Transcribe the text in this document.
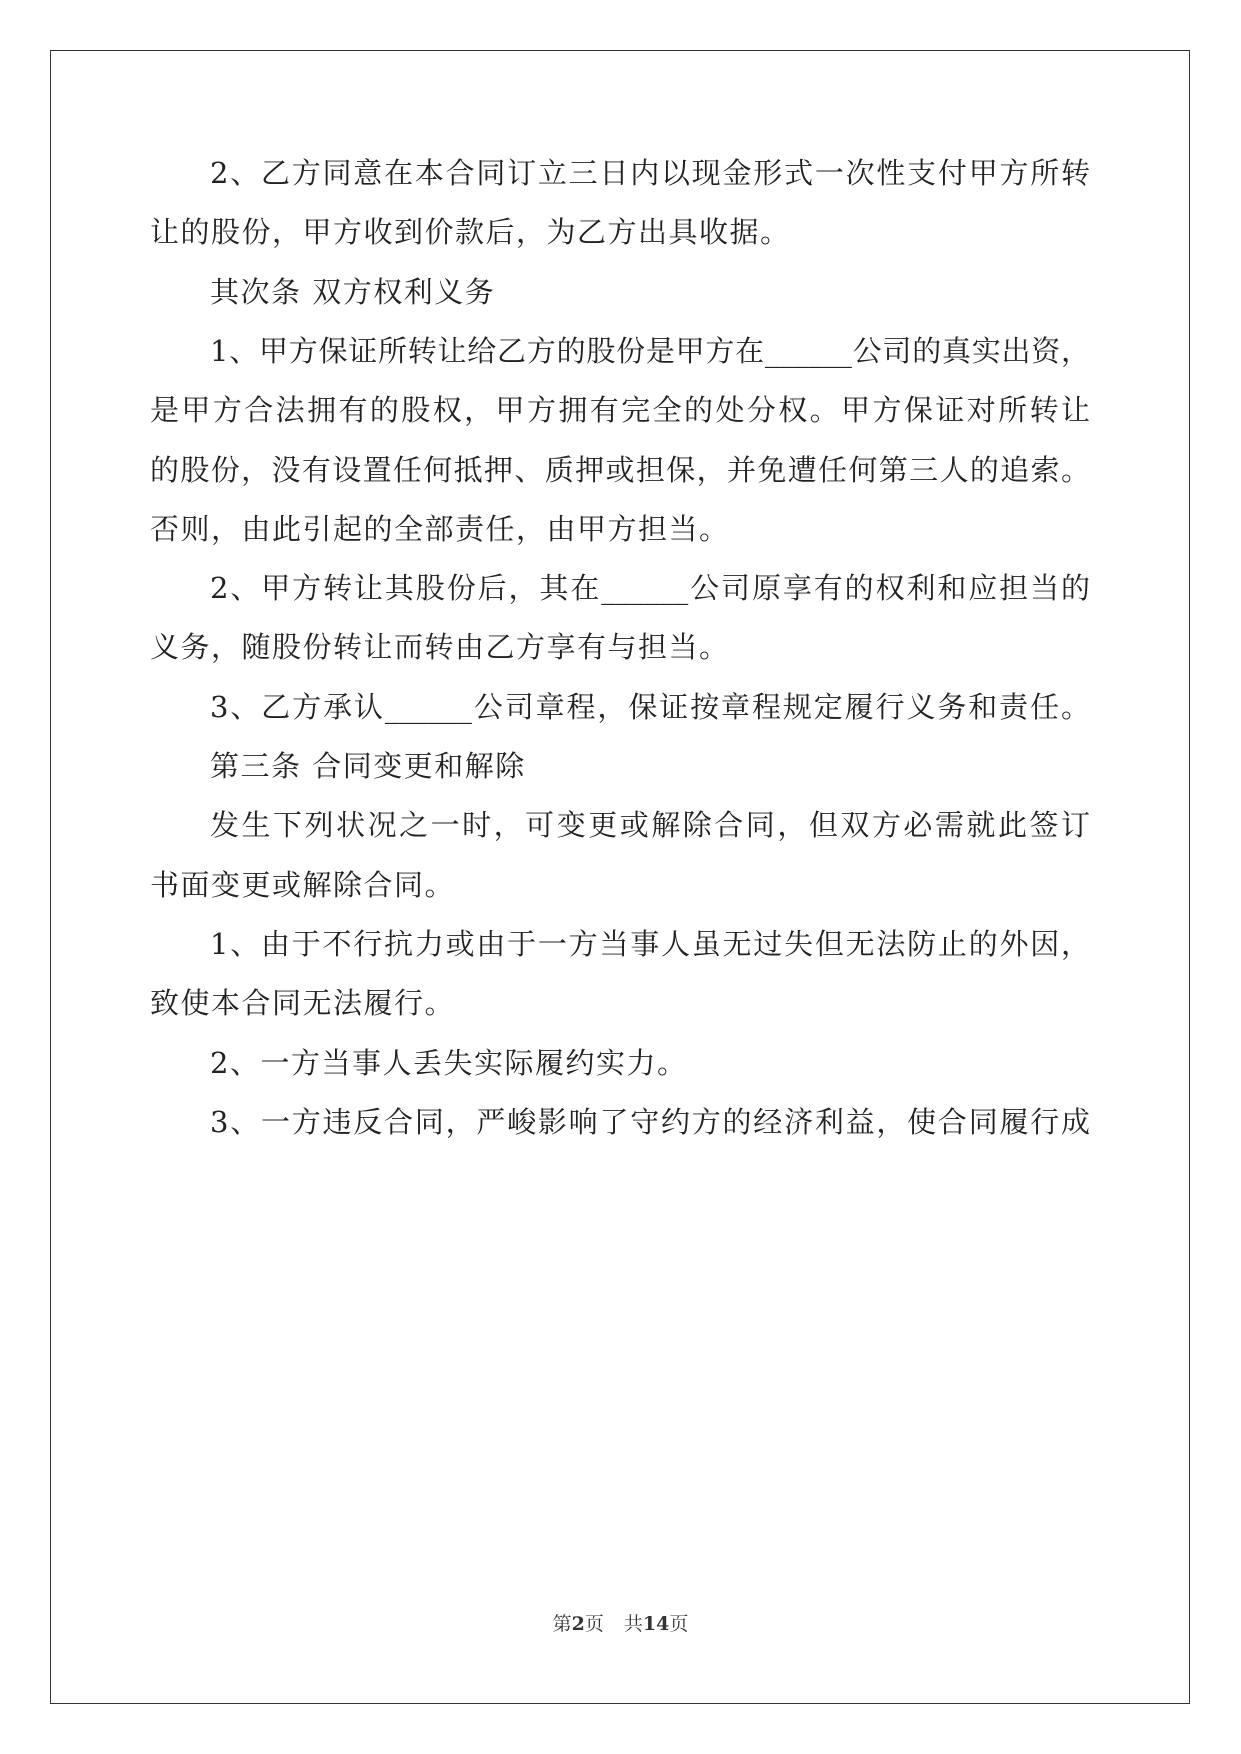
2、乙方同意在本合同订立三日内以现金形式一次性支付甲方所转
让的股份，甲方收到价款后，为乙方出具收据。
其次条 双方权利义务
1、甲方保证所转让给乙方的股份是甲方在______公司的真实出资，
是甲方合法拥有的股权，甲方拥有完全的处分权。甲方保证对所转让
的股份，没有设置任何抵押、质押或担保，并免遭任何第三人的追索。
否则，由此引起的全部责任，由甲方担当。
2、甲方转让其股份后，其在______公司原享有的权利和应担当的
义务，随股份转让而转由乙方享有与担当。
3、乙方承认______公司章程，保证按章程规定履行义务和责任。
第三条 合同变更和解除
发生下列状况之一时，可变更或解除合同，但双方必需就此签订
书面变更或解除合同。
1、由于不行抗力或由于一方当事人虽无过失但无法防止的外因，
致使本合同无法履行。
2、一方当事人丢失实际履约实力。
3、一方违反合同，严峻影响了守约方的经济利益，使合同履行成
第2页 共14页
